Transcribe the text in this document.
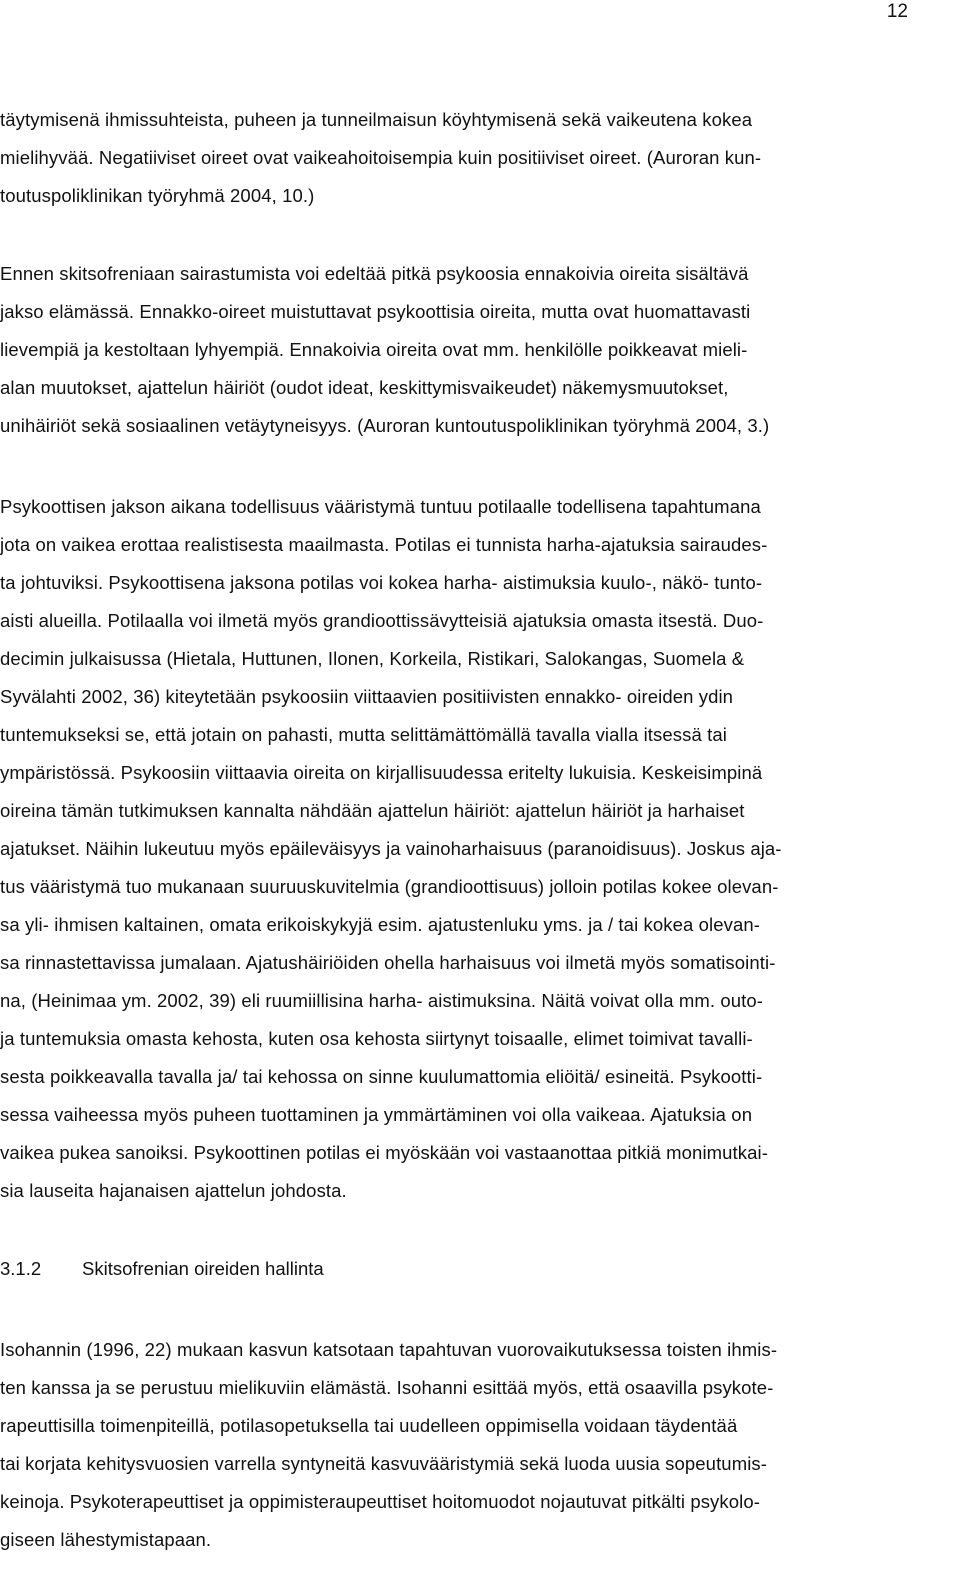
12
täytymisenä ihmissuhteista, puheen ja tunneilmaisun köyhtymisenä sekä vaikeutena kokea
mielihyvää. Negatiiviset oireet ovat vaikeahoitoisempia kuin positiiviset oireet. (Auroran kun-
toutuspoliklinikan työryhmä 2004, 10.)
Ennen skitsofreniaan sairastumista voi edeltää pitkä psykoosia ennakoivia oireita sisältävä
jakso elämässä. Ennakko-oireet muistuttavat psykoottisia oireita, mutta ovat huomattavasti
lievempiä ja kestoltaan lyhyempiä. Ennakoivia oireita ovat mm. henkilölle poikkeavat mieli-
alan muutokset, ajattelun häiriöt (oudot ideat, keskittymisvaikeudet) näkemysmuutokset,
unihäiriöt sekä sosiaalinen vetäytyneisyys. (Auroran kuntoutuspoliklinikan työryhmä 2004, 3.)
Psykoottisen jakson aikana todellisuus vääristymä tuntuu potilaalle todellisena tapahtumana
jota on vaikea erottaa realistisesta maailmasta. Potilas ei tunnista harha-ajatuksia sairaudes-
ta johtuviksi. Psykoottisena jaksona potilas voi kokea harha- aistimuksia kuulo-, näkö- tunto-
aisti alueilla. Potilaalla voi ilmetä myös grandioottissävytteisiä ajatuksia omasta itsestä. Duo-
decimin julkaisussa (Hietala, Huttunen, Ilonen, Korkeila, Ristikari, Salokangas, Suomela &
Syvälahti 2002, 36) kiteytetään psykoosiin viittaavien positiivisten ennakko- oireiden ydin
tuntemukseksi se, että jotain on pahasti, mutta selittämättömällä tavalla vialla itsessä tai
ympäristössä. Psykoosiin viittaavia oireita on kirjallisuudessa eritelty lukuisia. Keskeisimpinä
oireina tämän tutkimuksen kannalta nähdään ajattelun häiriöt: ajattelun häiriöt ja harhaiset
ajatukset. Näihin lukeutuu myös epäileväisyys ja vainoharhaisuus (paranoidisuus). Joskus aja-
tus vääristymä tuo mukanaan suuruuskuvitelmia (grandioottisuus) jolloin potilas kokee olevan-
sa yli- ihmisen kaltainen, omata erikoiskykyjä esim. ajatustenluku yms. ja / tai kokea olevan-
sa rinnastettavissa jumalaan. Ajatushäiriöiden ohella harhaisuus voi ilmetä myös somatisointi-
na, (Heinimaa ym. 2002, 39) eli ruumiillisina harha- aistimuksina. Näitä voivat olla mm. outo-
ja tuntemuksia omasta kehosta, kuten osa kehosta siirtynyt toisaalle, elimet toimivat tavalli-
sesta poikkeavalla tavalla ja/ tai kehossa on sinne kuulumattomia eliöitä/ esineitä. Psykootti-
sessa vaiheessa myös puheen tuottaminen ja ymmärtäminen voi olla vaikeaa. Ajatuksia on
vaikea pukea sanoiksi. Psykoottinen potilas ei myöskään voi vastaanottaa pitkiä monimutkai-
sia lauseita hajanaisen ajattelun johdosta.
3.1.2 Skitsofrenian oireiden hallinta
Isohannin (1996, 22) mukaan kasvun katsotaan tapahtuvan vuorovaikutuksessa toisten ihmis-
ten kanssa ja se perustuu mielikuviin elämästä. Isohanni esittää myös, että osaavilla psykote-
rapeuttisilla toimenpiteillä, potilasopetuksella tai uudelleen oppimisella voidaan täydentää
tai korjata kehitysvuosien varrella syntyneitä kasvuvääristymiä sekä luoda uusia sopeutumis-
keinoja. Psykoterapeuttiset ja oppimisteraupeuttiset hoitomuodot nojautuvat pitkälti psykolo-
giseen lähestymistapaan.
